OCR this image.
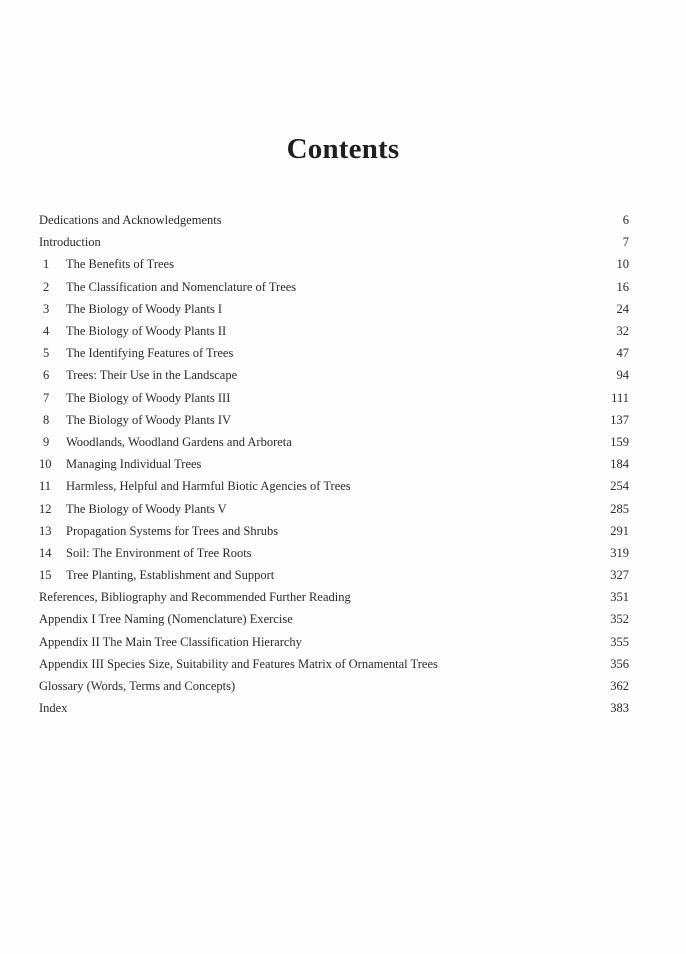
Contents
Dedications and Acknowledgements	6
Introduction	7
1	The Benefits of Trees	10
2	The Classification and Nomenclature of Trees	16
3	The Biology of Woody Plants I	24
4	The Biology of Woody Plants II	32
5	The Identifying Features of Trees	47
6	Trees: Their Use in the Landscape	94
7	The Biology of Woody Plants III	111
8	The Biology of Woody Plants IV	137
9	Woodlands, Woodland Gardens and Arboreta	159
10	Managing Individual Trees	184
11	Harmless, Helpful and Harmful Biotic Agencies of Trees	254
12	The Biology of Woody Plants V	285
13	Propagation Systems for Trees and Shrubs	291
14	Soil: The Environment of Tree Roots	319
15	Tree Planting, Establishment and Support	327
References, Bibliography and Recommended Further Reading	351
Appendix I Tree Naming (Nomenclature) Exercise	352
Appendix II The Main Tree Classification Hierarchy	355
Appendix III Species Size, Suitability and Features Matrix of Ornamental Trees	356
Glossary (Words, Terms and Concepts)	362
Index	383
